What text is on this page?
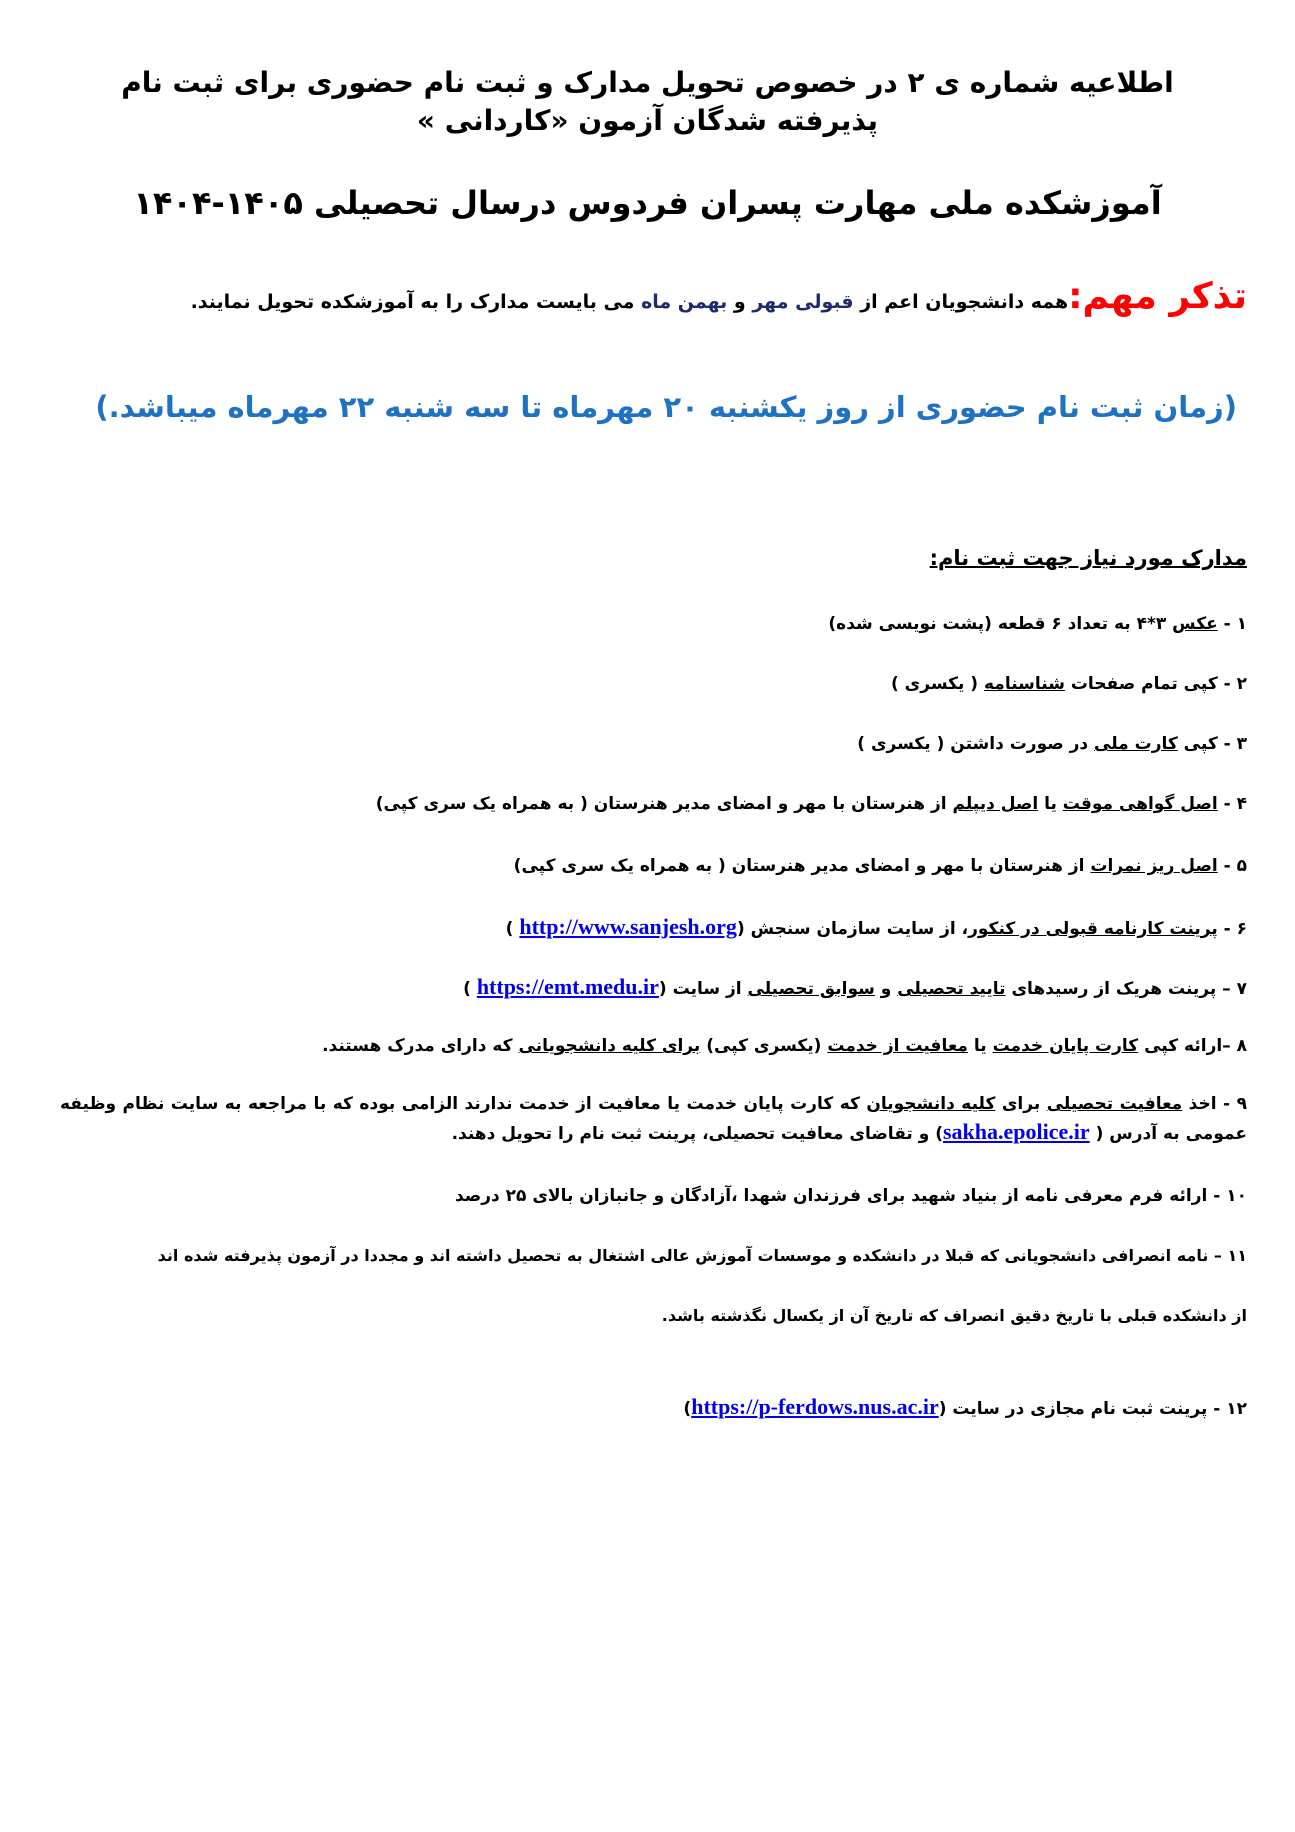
اطلاعیه شماره ی ۲ در خصوص تحویل مدارک و ثبت نام حضوری برای ثبت نام
پذیرفته شدگان آزمون «کاردانی »
آموزشکده ملی مهارت پسران فردوس درسال تحصیلی ۱۴۰۵-۱۴۰۴
تذکر مهم:همه دانشجویان اعم از قبولی مهر و بهمن ماه می بایست مدارک را به آموزشکده تحویل نمایند.
(زمان ثبت نام حضوری از روز یکشنبه ۲۰ مهرماه تا سه شنبه ۲۲ مهرماه میباشد.)
مدارک مورد نیاز جهت ثبت نام:
۱ - عکس ۳*۴ به تعداد ۶ قطعه (پشت نویسی شده)
۲ - کپی تمام صفحات شناسنامه ( یکسری )
۳ - کپی کارت ملی در صورت داشتن ( یکسری )
۴ - اصل گواهی موقت یا اصل دیپلم از هنرستان با مهر و امضای مدیر هنرستان ( به همراه یک سری کپی)
۵ - اصل ریز نمرات از هنرستان با مهر و امضای مدیر هنرستان ( به همراه یک سری کپی)
۶ - پرینت کارنامه قبولی در کنکور، از سایت سازمان سنجش (http://www.sanjesh.org )
۷ – پرینت هریک از رسیدهای تایید تحصیلی و سوابق تحصیلی از سایت (https://emt.medu.ir )
۸ –ارائه کپی کارت پایان خدمت یا معافیت از خدمت (یکسری کپی) برای کلیه دانشجویانی که دارای مدرک هستند.
۹ - اخذ معافیت تحصیلی برای کلیه دانشجویان که کارت پایان خدمت یا معافیت از خدمت ندارند الزامی بوده که با مراجعه به سایت نظام وظیفه عمومی به آدرس ( sakha.epolice.ir) و تقاضای معافیت تحصیلی، پرینت ثبت نام را تحویل دهند.
۱۰ - ارائه فرم معرفی نامه از بنیاد شهید برای فرزندان شهدا ،آزادگان و جانبازان بالای ۲۵ درصد
۱۱ – نامه انصرافی دانشجویانی که قبلا در دانشکده و موسسات آموزش عالی اشتغال به تحصیل داشته اند و مجددا در آزمون پذیرفته شده اند
از دانشکده قبلی با تاریخ دقیق انصراف که تاریخ آن از یکسال نگذشته باشد.
۱۲ - پرینت ثبت نام مجازی در سایت (https://p-ferdows.nus.ac.ir)
